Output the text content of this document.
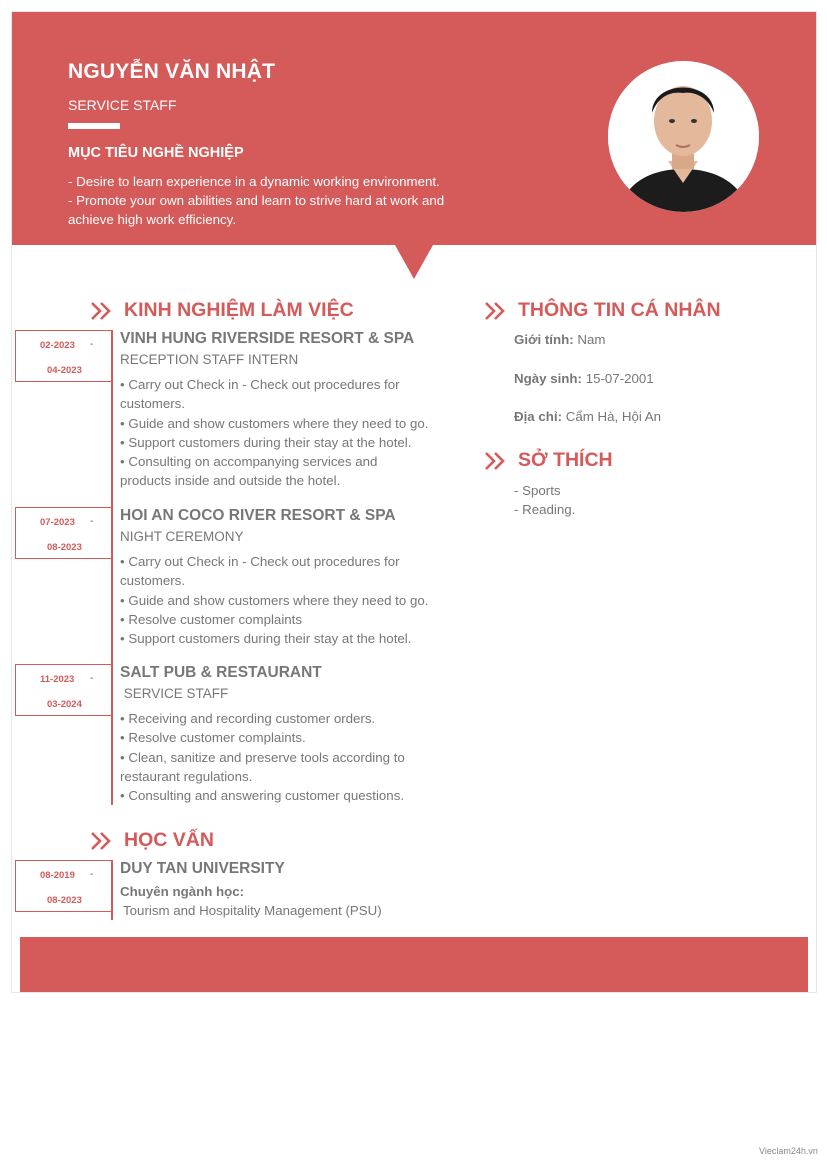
NGUYỄN VĂN NHẬT
SERVICE STAFF
MỤC TIÊU NGHỀ NGHIỆP
- Desire to learn experience in a dynamic working environment.
- Promote your own abilities and learn to strive hard at work and achieve high work efficiency.
KINH NGHIỆM LÀM VIỆC
02-2023 -
04-2023
VINH HUNG RIVERSIDE RESORT & SPA
RECEPTION STAFF INTERN
• Carry out Check in - Check out procedures for customers.
• Guide and show customers where they need to go.
• Support customers during their stay at the hotel.
• Consulting on accompanying services and products inside and outside the hotel.
07-2023 -
08-2023
HOI AN COCO RIVER RESORT & SPA
NIGHT CEREMONY
• Carry out Check in - Check out procedures for customers.
• Guide and show customers where they need to go.
• Resolve customer complaints
• Support customers during their stay at the hotel.
11-2023 -
03-2024
SALT PUB & RESTAURANT
SERVICE STAFF
• Receiving and recording customer orders.
• Resolve customer complaints.
• Clean, sanitize and preserve tools according to restaurant regulations.
• Consulting and answering customer questions.
HỌC VẤN
08-2019 -
08-2023
DUY TAN UNIVERSITY
Chuyên ngành học:
Tourism and Hospitality Management (PSU)
THÔNG TIN CÁ NHÂN
Giới tính: Nam
Ngày sinh: 15-07-2001
Địa chỉ: Cẩm Hà, Hội An
SỞ THÍCH
- Sports
- Reading.
Vieclam24h.vn
